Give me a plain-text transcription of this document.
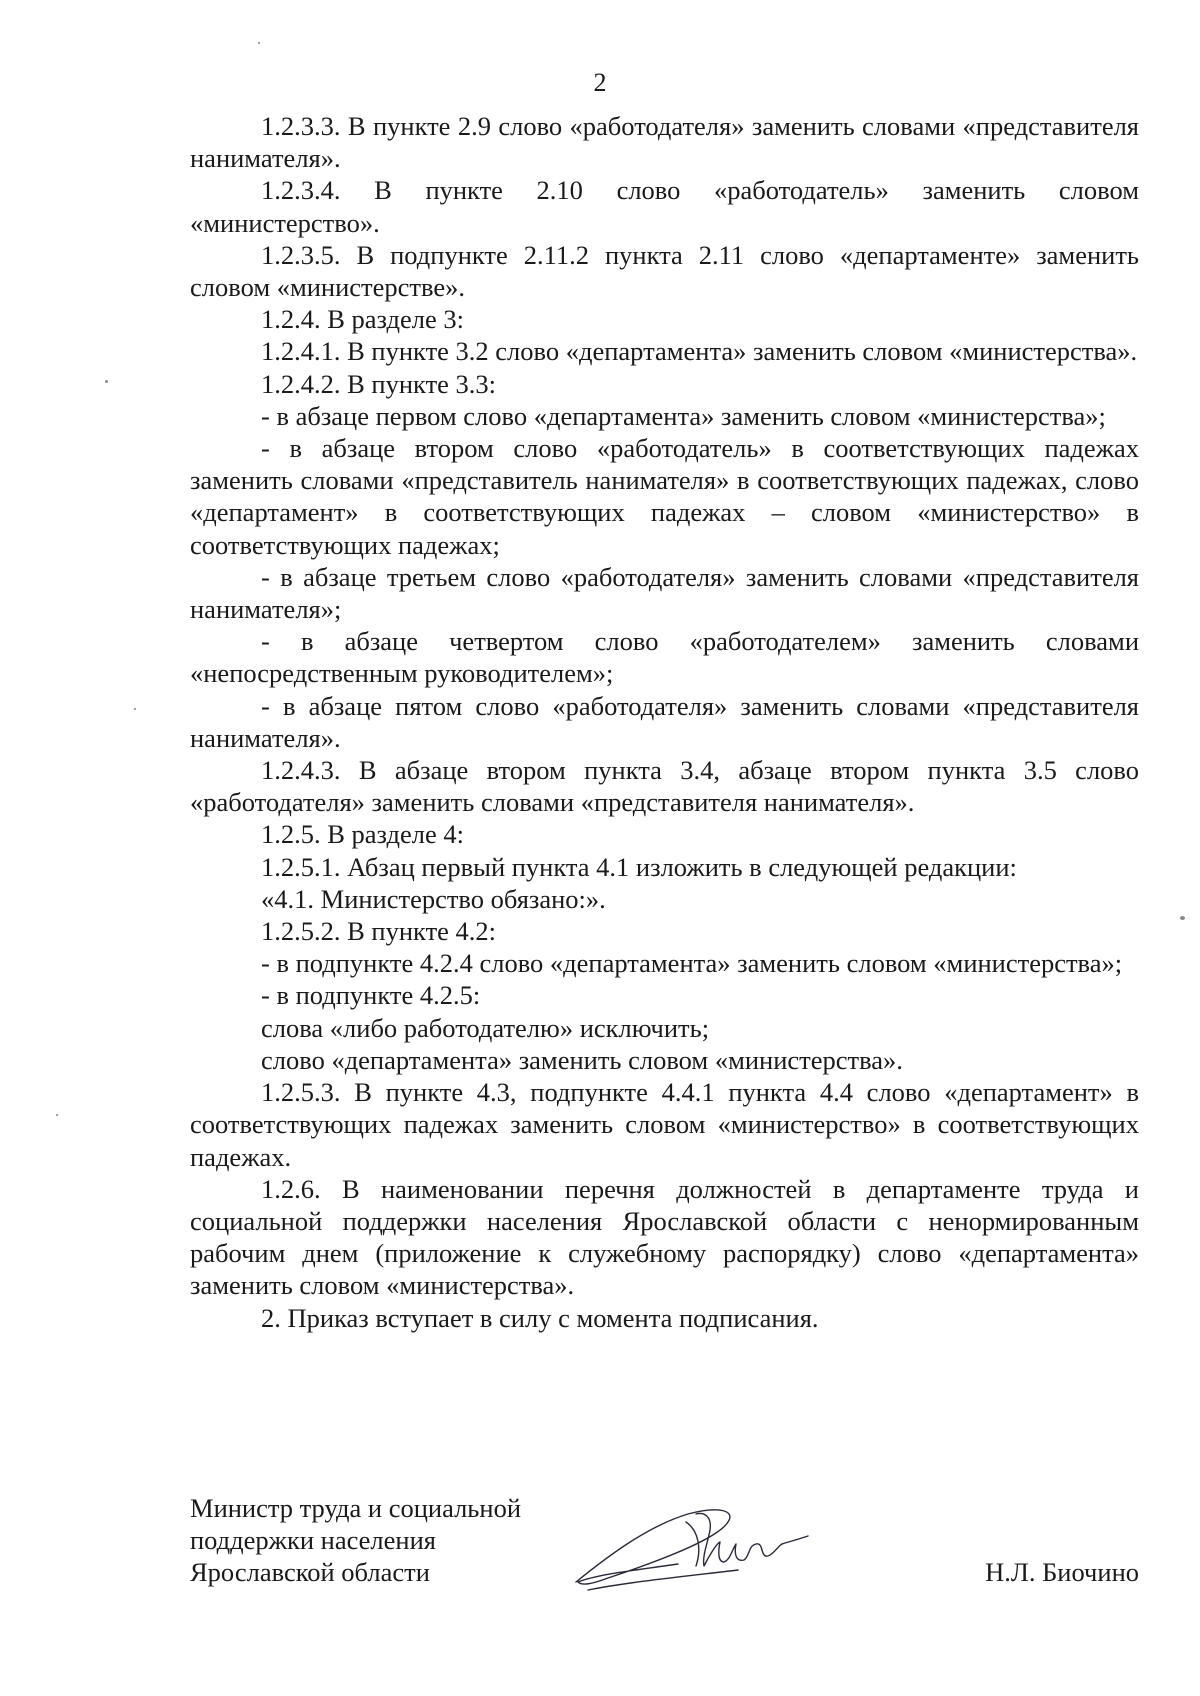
2

1.2.3.3. В пункте 2.9 слово «работодателя» заменить словами «представителя нанимателя».

1.2.3.4. В пункте 2.10 слово «работодатель» заменить словом «министерство».

1.2.3.5. В подпункте 2.11.2 пункта 2.11 слово «департаменте» заменить словом «министерстве».

1.2.4. В разделе 3:

1.2.4.1. В пункте 3.2 слово «департамента» заменить словом «министерства».

1.2.4.2. В пункте 3.3:

- в абзаце первом слово «департамента» заменить словом «министерства»;

- в абзаце втором слово «работодатель» в соответствующих падежах заменить словами «представитель нанимателя» в соответствующих падежах, слово «департамент» в соответствующих падежах – словом «министерство» в соответствующих падежах;

- в абзаце третьем слово «работодателя» заменить словами «представителя нанимателя»;

- в абзаце четвертом слово «работодателем» заменить словами «непосредственным руководителем»;

- в абзаце пятом слово «работодателя» заменить словами «представителя нанимателя».

1.2.4.3. В абзаце втором пункта 3.4, абзаце втором пункта 3.5 слово «работодателя» заменить словами «представителя нанимателя».

1.2.5. В разделе 4:

1.2.5.1. Абзац первый пункта 4.1 изложить в следующей редакции:

«4.1. Министерство обязано:».

1.2.5.2. В пункте 4.2:

- в подпункте 4.2.4 слово «департамента» заменить словом «министерства»;

- в подпункте 4.2.5:

слова «либо работодателю» исключить;

слово «департамента» заменить словом «министерства».

1.2.5.3. В пункте 4.3, подпункте 4.4.1 пункта 4.4 слово «департамент» в соответствующих падежах заменить словом «министерство» в соответствующих падежах.

1.2.6. В наименовании перечня должностей в департаменте труда и социальной поддержки населения Ярославской области с ненормированным рабочим днем (приложение к служебному распорядку) слово «департамента» заменить словом «министерства».

2. Приказ вступает в силу с момента подписания.

Министр труда и социальной
поддержки населения
Ярославской области	Н.Л. Биочино
